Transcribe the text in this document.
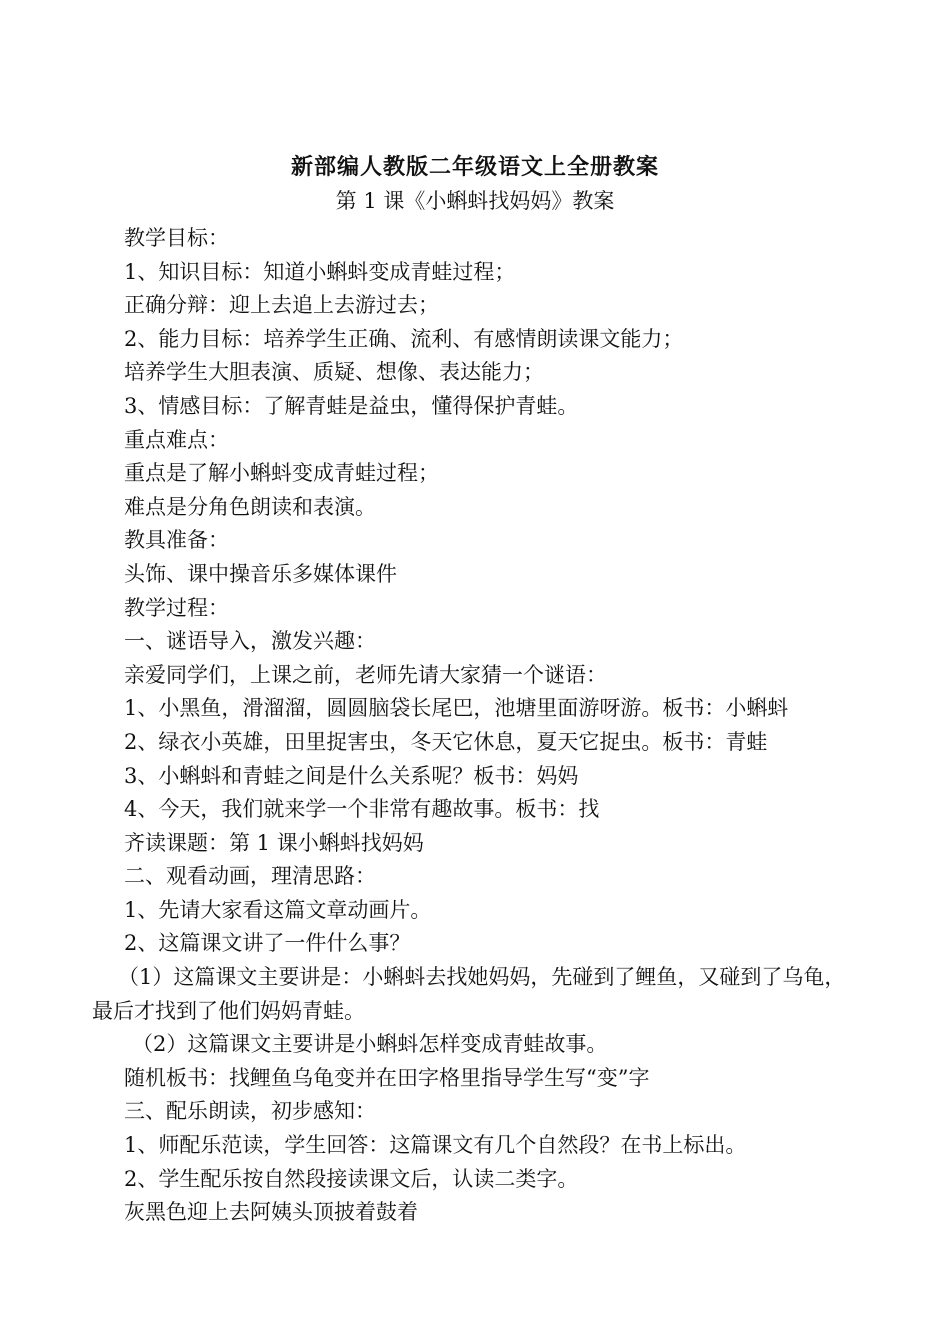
新部编人教版二年级语文上全册教案
第 1 课《小蝌蚪找妈妈》教案
教学目标：
1、知识目标：知道小蝌蚪变成青蛙过程；
正确分辩：迎上去追上去游过去；
2、能力目标：培养学生正确、流利、有感情朗读课文能力；
培养学生大胆表演、质疑、想像、表达能力；
3、情感目标：了解青蛙是益虫，懂得保护青蛙。
重点难点：
重点是了解小蝌蚪变成青蛙过程；
难点是分角色朗读和表演。
教具准备：
头饰、课中操音乐多媒体课件
教学过程：
一、谜语导入，激发兴趣：
亲爱同学们，上课之前，老师先请大家猜一个谜语：
1、小黑鱼，滑溜溜，圆圆脑袋长尾巴，池塘里面游呀游。板书：小蝌蚪
2、绿衣小英雄，田里捉害虫，冬天它休息，夏天它捉虫。板书：青蛙
3、小蝌蚪和青蛙之间是什么关系呢？板书：妈妈
4、今天，我们就来学一个非常有趣故事。板书：找
齐读课题：第 1 课小蝌蚪找妈妈
二、观看动画，理清思路：
1、先请大家看这篇文章动画片。
2、这篇课文讲了一件什么事？
（1）这篇课文主要讲是：小蝌蚪去找她妈妈，先碰到了鲤鱼，又碰到了乌龟，
最后才找到了他们妈妈青蛙。
（2）这篇课文主要讲是小蝌蚪怎样变成青蛙故事。
随机板书：找鲤鱼乌龟变并在田字格里指导学生写“变”字
三、配乐朗读，初步感知：
1、师配乐范读，学生回答：这篇课文有几个自然段？在书上标出。
2、学生配乐按自然段接读课文后，认读二类字。
灰黑色迎上去阿姨头顶披着鼓着
